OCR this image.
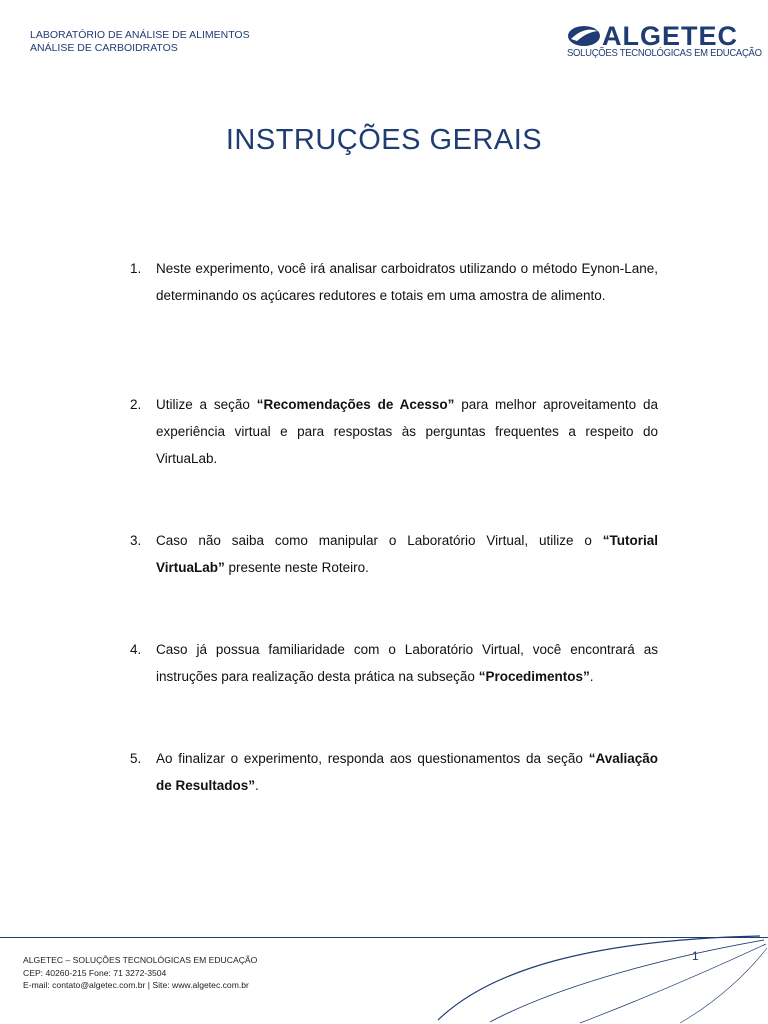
LABORATÓRIO DE ANÁLISE DE ALIMENTOS
ANÁLISE DE CARBOIDRATOS	ALGETEC
SOLUÇÕES TECNOLÓGICAS EM EDUCAÇÃO
INSTRUÇÕES GERAIS
1. Neste experimento, você irá analisar carboidratos utilizando o método Eynon-Lane, determinando os açúcares redutores e totais em uma amostra de alimento.
2. Utilize a seção “Recomendações de Acesso” para melhor aproveitamento da experiência virtual e para respostas às perguntas frequentes a respeito do VirtuaLab.
3. Caso não saiba como manipular o Laboratório Virtual, utilize o “Tutorial VirtuaLab” presente neste Roteiro.
4. Caso já possua familiaridade com o Laboratório Virtual, você encontrará as instruções para realização desta prática na subseção “Procedimentos”.
5. Ao finalizar o experimento, responda aos questionamentos da seção “Avaliação de Resultados”.
1
ALGETEC – SOLUÇÕES TECNOLÓGICAS EM EDUCAÇÃO
CEP: 40260-215 Fone: 71 3272-3504
E-mail: contato@algetec.com.br | Site: www.algetec.com.br
